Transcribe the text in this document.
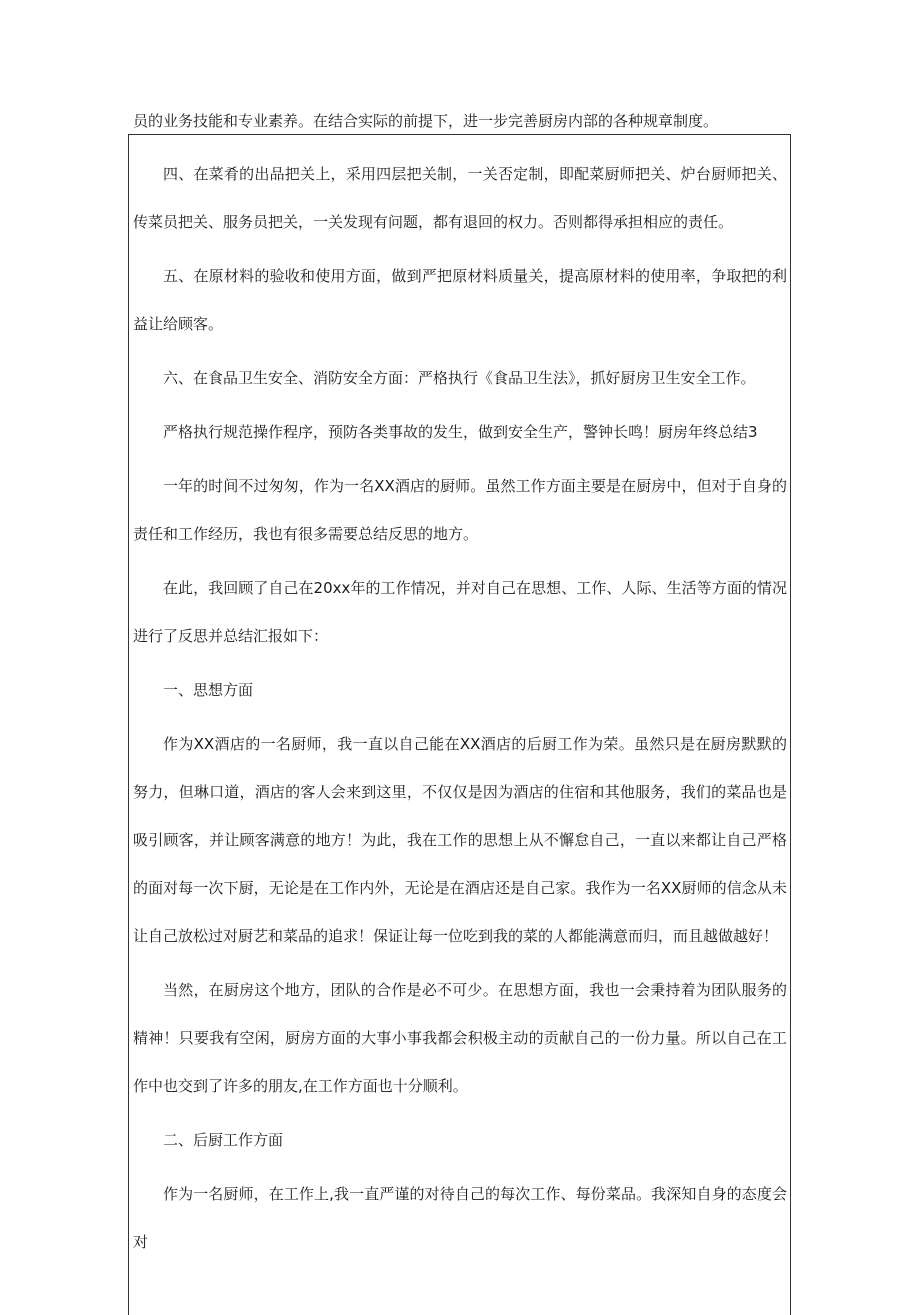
员的业务技能和专业素养。在结合实际的前提下，进一步完善厨房内部的各种规章制度。

四、在菜肴的出品把关上，采用四层把关制，一关否定制，即配菜厨师把关、炉台厨师把关、传菜员把关、服务员把关，一关发现有问题，都有退回的权力。否则都得承担相应的责任。

五、在原材料的验收和使用方面，做到严把原材料质量关，提高原材料的使用率，争取把的利益让给顾客。

六、在食品卫生安全、消防安全方面：严格执行《食品卫生法》，抓好厨房卫生安全工作。

严格执行规范操作程序，预防各类事故的发生，做到安全生产，警钟长鸣！厨房年终总结3

一年的时间不过匆匆，作为一名XX酒店的厨师。虽然工作方面主要是在厨房中，但对于自身的责任和工作经历，我也有很多需要总结反思的地方。

在此，我回顾了自己在20xx年的工作情况，并对自己在思想、工作、人际、生活等方面的情况进行了反思并总结汇报如下：

一、思想方面

作为XX酒店的一名厨师，我一直以自己能在XX酒店的后厨工作为荣。虽然只是在厨房默默的努力，但琳口道，酒店的客人会来到这里，不仅仅是因为酒店的住宿和其他服务，我们的菜品也是吸引顾客，并让顾客满意的地方！为此，我在工作的思想上从不懈怠自己，一直以来都让自己严格的面对每一次下厨，无论是在工作内外，无论是在酒店还是自己家。我作为一名XX厨师的信念从未让自己放松过对厨艺和菜品的追求！保证让每一位吃到我的菜的人都能满意而归，而且越做越好！

当然，在厨房这个地方，团队的合作是必不可少。在思想方面，我也一会秉持着为团队服务的精神！只要我有空闲，厨房方面的大事小事我都会积极主动的贡献自己的一份力量。所以自己在工作中也交到了许多的朋友,在工作方面也十分顺利。

二、后厨工作方面

作为一名厨师，在工作上,我一直严谨的对待自己的每次工作、每份菜品。我深知自身的态度会对
